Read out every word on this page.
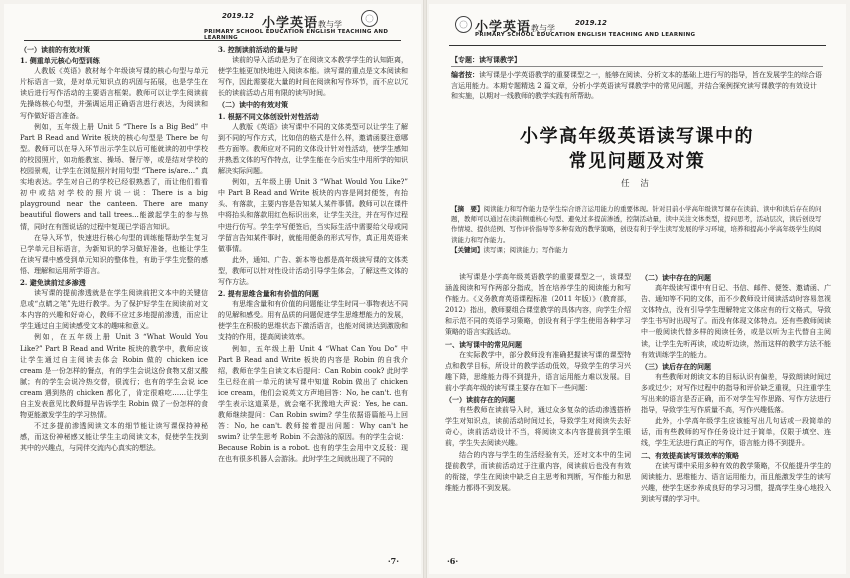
2019.12 小学英语教与学
PRIMARY SCHOOL EDUCATION ENGLISH TEACHING AND LEARNING

（一）读前的有效对策

1. 侧重单元核心句型训练

人教版《英语》教材每个年级读写课的核心句型与单元片标语言一致，是对单元知识点的巩固与拓展，也是学生在读后进行写作活动的主要语言框架。教师可以让学生阅读前先操练核心句型，并强调运用正确语言进行表达，为阅读和写作做好语言准备。

例如，五年级上册 Unit 5 “There Is a Big Bed” 中 Part B Read and Write 板块的核心句型是 There be 句型。教师可以在导入环节出示学生以后可能就读的初中学校的校园照片，如功能教室、操场、餐厅等，或是结对学校的校园景观，让学生在浏览照片时用句型 “There is/are…” 真实地表达。学生对自己的学校已经很熟悉了，而让他们看看初中或结对学校的照片说一说：There is a big playground near the canteen. There are many beautiful flowers and tall trees…能激起学生的参与热情，同时在有图说话的过程中复现已学语言知识。

在导入环节，快速进行核心句型的训练能帮助学生复习已学单元目标语言，为新知识的学习做好准备，也能让学生在读写课中感受到单元知识的整体性，有助于学生完整的感悟、理解和运用所学语言。

2. 避免读前过多渗透

读写课的提前渗透就是在学生阅读前把文本中的关键信息或“点睛之笔”先进行教学。为了保护好学生在阅读前对文本内容的兴趣和好奇心，教师不应过多地提前渗透，而应让学生通过自主阅读感受文本的趣味和意义。

例如，在五年级上册 Unit 3 “What Would You Like?” Part B Read and Write 板块的教学中，教师应该让学生通过自主阅读去体会 Robin 做的 chicken ice cream 是一份怎样的餐点，有的学生会说这份食物又甜又酸腻；有的学生会说冷热交替，很流行；也有的学生会说 ice cream 遇到热的 chicken 都化了，肯定很难吃……让学生自主发表意见比教师提早告诉学生 Robin 做了一份怎样的食物更能激发学生的学习热情。

不过多提前渗透阅读文本的细节能让读写课保持神秘感，而这份神秘感又能让学生主动阅读文本，促使学生找到其中的兴趣点，与同伴交流内心真实的想法。

3. 控制读前活动的量与时

读前的导入活动是为了在阅读文本教学学生的认知距离，使学生能更加快地进入阅读本能。读写课的重点是文本阅读和写作，因此需要花大量的时间在阅读和写作环节，而不应以冗长的读前活动占用有限的读写时间。

（二）读中的有效对策

1. 根据不同文体创设针对性活动

人教版《英语》读写课中不同的文体类型可以让学生了解到不同的写作方式，比如信的格式是什么样，邀请函要注意哪些方面等。教师应对不同的文体设计针对性活动，使学生感知并熟悉文体的写作特点，让学生能在今后实生中用所学的知识解决实际问题。

例如，五年级上册 Unit 3 “What Would You Like?” 中 Part B Read and Write 板块的内容是网封便签，有抬头、有落款，主要内容是告知某人某件事情。教师可以在课件中将抬头和落款用红色标识出来，让学生关注，并在写作过程中进行仿写。学生学写便签后，当实际生活中需要给父母或同学留言告知某件事时，就能用便条的形式写作，真正用英语来做事情。

此外，通知、广告、新本等也都是高年级读写课的文体类型，教师可以针对性设计活动引导学生体会，了解这些文体的写作方法。

2. 提有思维含量和有价值的问题

有思维含量和有价值的问题能让学生时同一事物表达不同的见解和感受。用有品质的问题促进学生思维想能力的发展，使学生在积极的思维状态下激活语言，也能对阅读达到激励和支持的作用，提高阅读效率。

例如，五年级上册 Unit 4 “What Can You Do” 中 Part B Read and Write 板块的内容是 Robin 的自我介绍，教师在学生自读文本后提问：Can Robin cook? 此时学生已经在前一单元的读写课中知道 Robin 做出了 chicken ice cream，他们会说英文方声地回答：No, he can't. 也有学生表示这道菜是，就会毫不犹豫地大声说：Yes, he can. 教师继续提问：Can Robin swim? 学生依据语篇能马上回答：No, he can't. 教师接着提出问题：Why can't he swim? 让学生思考 Robin 不会游泳的原因。有的学生会说：Because Robin is a robot. 也有的学生会用中文反驳：现在也有很多机器人会游泳。此时学生之间就出现了不同的

·7·
小学英语教与学
2019.12
PRIMARY SCHOOL EDUCATION ENGLISH TEACHING AND LEARNING
【专题：读写课教学】
编者按：读写课是小学英语教学的重要课型之一，能够在阅读、分析文本的基础上进行写的指导，旨在发展学生的综合语言运用能力。本期专题精选 2 篇文章，分析小学英语读写课教学中的常见问题，并结合案例探究读写课教学的有效设计和实施，以期对一线教师的教学实践有所帮助。
小学高年级英语读写课中的
常见问题及对策
任 洁
【摘　要】阅读能力和写作能力是学生综合语言运用能力的重要体现。针对目前小学高年级读写课存在读前、读中和读后存在的问题，教师可以通过在读前侧重核心句型、避免过多提前渗透，控制活动量，读中关注文体类型，提问思考，活动层次，读后创设写作情境、提供范例、写作评价指导等多种有效的教学策略，创设有利于学生读写发展的学习环境，培养和提高小学高年级学生的阅读能力和写作能力。
【关键词】读写课；阅读能力；写作能力

读写课是小学高年级英语教学的重要课型之一，该课型涵盖阅读和写作两部分指成，旨在培养学生的阅读能力和写作能力。《义务教育英语课程标准（2011 年版）》（教育部，2012）指出，教师要组合课堂教学的具体内容，向学生介绍和示范不同的英语学习策略，创设有利于学生使用各种学习策略的语言实践活动。

一、读写课中的常见问题

在实际教学中，部分教师没有准确把握读写课的课型特点和教学目标，所设计的教学活动低效，导致学生的学习兴趣下降，思维能力得不到提升，语言运用能力难以发展。目前小学高年级的读写课主要存在如下一些问题：

（一）读前存在的问题

有些教师在读前导入时，通过众多复杂的活动渗透搭桥学生对知识点，读前活动时间过长，导致学生对阅读失去好奇心，读前活动设计不当，将阅读文本内容提前到学生眼前，学生失去阅读兴趣。

结合的内容与学生的生活经验有关，还对文本中的生词提前教学，而读前活动过于注重内容，阅读前后也没有有效的衔接，学生在阅读中缺乏自主思考和判断，写作能力和思维能力都得不到发展。

（二）读中存在的问题

高年级读写课中有日记、书信、邮件、便签、邀请函、广告、通知等不同的文体，而不少教师设计阅读活动时容易忽视文体特点，没有引导学生理解特定文体应有的行文格式，导致学生书写时出现写了。而没有体现文体特点。还有些教师阅读中一般阅读代替多样的阅读任务，或是以听为主代替自主阅读，让学生先听再读，或边听边读，然而这样的教学方法不能有效训练学生的能力。

（三）读后存在的问题

有些教师对朗读文本的目标认识有偏差，导致朗读时间过多或过少；对写作过程中的指导和评价缺乏重视，只注重学生写出来的语言是否正确，而不对学生写作思路、写作方法进行指导，导致学生写作质量不高，写作兴趣低落。

此外，小学高年级学生应该能写出几句话或一段简单的话，而有些教师的写作任务设计过于简单，仅限于填空、连线，学生无法进行真正的写作，语言能力得不到提升。

二、有效提高读写课效率的策略

在读写课中采用多种有效的教学策略，不仅能提升学生的阅读能力、思维能力、语言运用能力，而且能激发学生的读写兴趣，使学生逐步养成良好的学习习惯，提高学生身心地投入到读写课的学习中。

·6·
